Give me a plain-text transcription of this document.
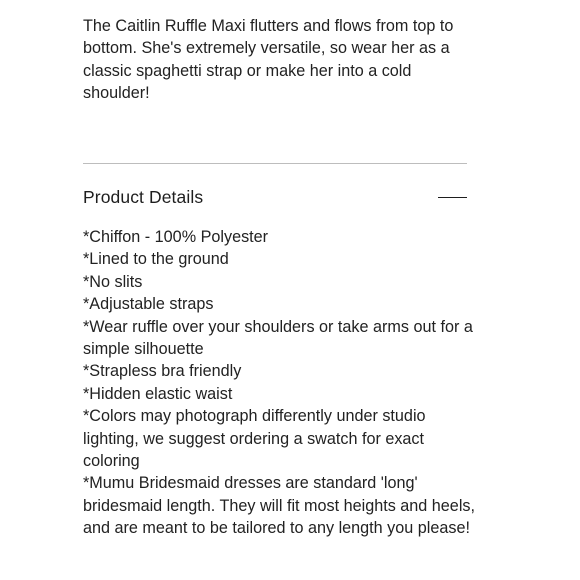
The Caitlin Ruffle Maxi flutters and flows from top to bottom. She's extremely versatile, so wear her as a classic spaghetti strap or make her into a cold shoulder!

Product Details
*Chiffon - 100% Polyester
*Lined to the ground
*No slits
*Adjustable straps
*Wear ruffle over your shoulders or take arms out for a simple silhouette
*Strapless bra friendly
*Hidden elastic waist
*Colors may photograph differently under studio lighting, we suggest ordering a swatch for exact coloring
*Mumu Bridesmaid dresses are standard 'long' bridesmaid length. They will fit most heights and heels, and are meant to be tailored to any length you please!
